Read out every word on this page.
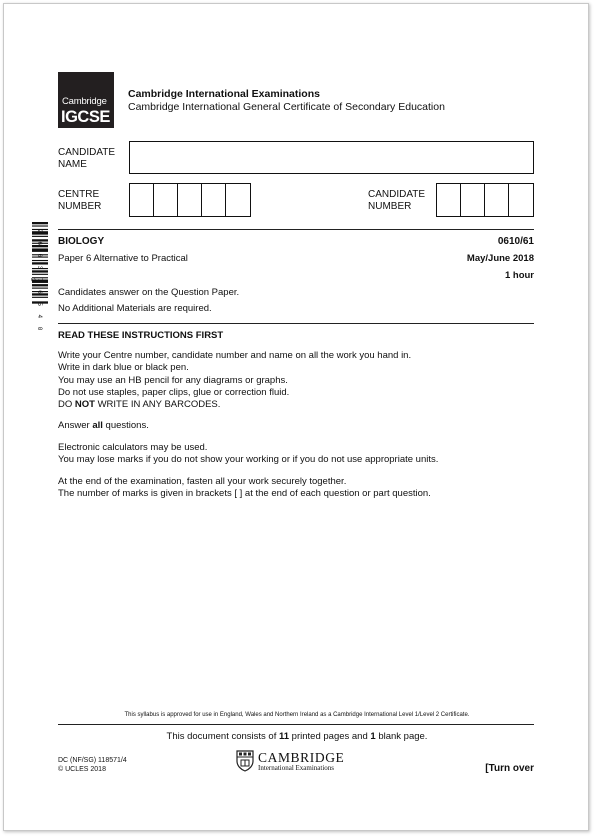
Cambridge
IGCSE
Cambridge International Examinations
Cambridge International General Certificate of Secondary Education
CANDIDATE
NAME
CENTRE
NUMBER
CANDIDATE
NUMBER
2 6 6 3 7 6 5 4 0 2
BIOLOGY	0610/61
Paper 6 Alternative to Practical	May/June 2018
1 hour
Candidates answer on the Question Paper.
No Additional Materials are required.
READ THESE INSTRUCTIONS FIRST
Write your Centre number, candidate number and name on all the work you hand in.
Write in dark blue or black pen.
You may use an HB pencil for any diagrams or graphs.
Do not use staples, paper clips, glue or correction fluid.
DO NOT WRITE IN ANY BARCODES.
Answer all questions.
Electronic calculators may be used.
You may lose marks if you do not show your working or if you do not use appropriate units.
At the end of the examination, fasten all your work securely together.
The number of marks is given in brackets [ ] at the end of each question or part question.
This syllabus is approved for use in England, Wales and Northern Ireland as a Cambridge International Level 1/Level 2 Certificate.
This document consists of 11 printed pages and 1 blank page.
DC (NF/SG) 118571/4
© UCLES 2018
CAMBRIDGE
International Examinations	[Turn over
